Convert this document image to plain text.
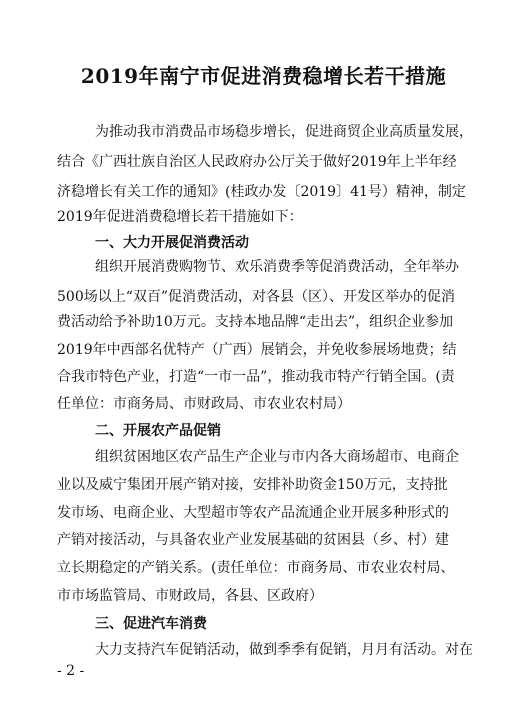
2019年南宁市促进消费稳增长若干措施
为推动我市消费品市场稳步增长，促进商贸企业高质量发展，
结合《广西壮族自治区人民政府办公厅关于做好2019年上半年经
济稳增长有关工作的通知》(桂政办发〔2019〕41号）精神，制定
2019年促进消费稳增长若干措施如下：
一、大力开展促消费活动
组织开展消费购物节、欢乐消费季等促消费活动，全年举办
500场以上“双百”促消费活动，对各县（区）、开发区举办的促消
费活动给予补助10万元。支持本地品牌“走出去”，组织企业参加
2019年中西部名优特产（广西）展销会，并免收参展场地费；结
合我市特色产业，打造“一市一品”，推动我市特产行销全国。(责
任单位：市商务局、市财政局、市农业农村局）
二、开展农产品促销
组织贫困地区农产品生产企业与市内各大商场超市、电商企
业以及威宁集团开展产销对接，安排补助资金150万元，支持批
发市场、电商企业、大型超市等农产品流通企业开展多种形式的
产销对接活动，与具备农业产业发展基础的贫困县（乡、村）建
立长期稳定的产销关系。(责任单位：市商务局、市农业农村局、
市市场监管局、市财政局，各县、区政府）
三、促进汽车消费
大力支持汽车促销活动，做到季季有促销，月月有活动。对在
- 2 -
